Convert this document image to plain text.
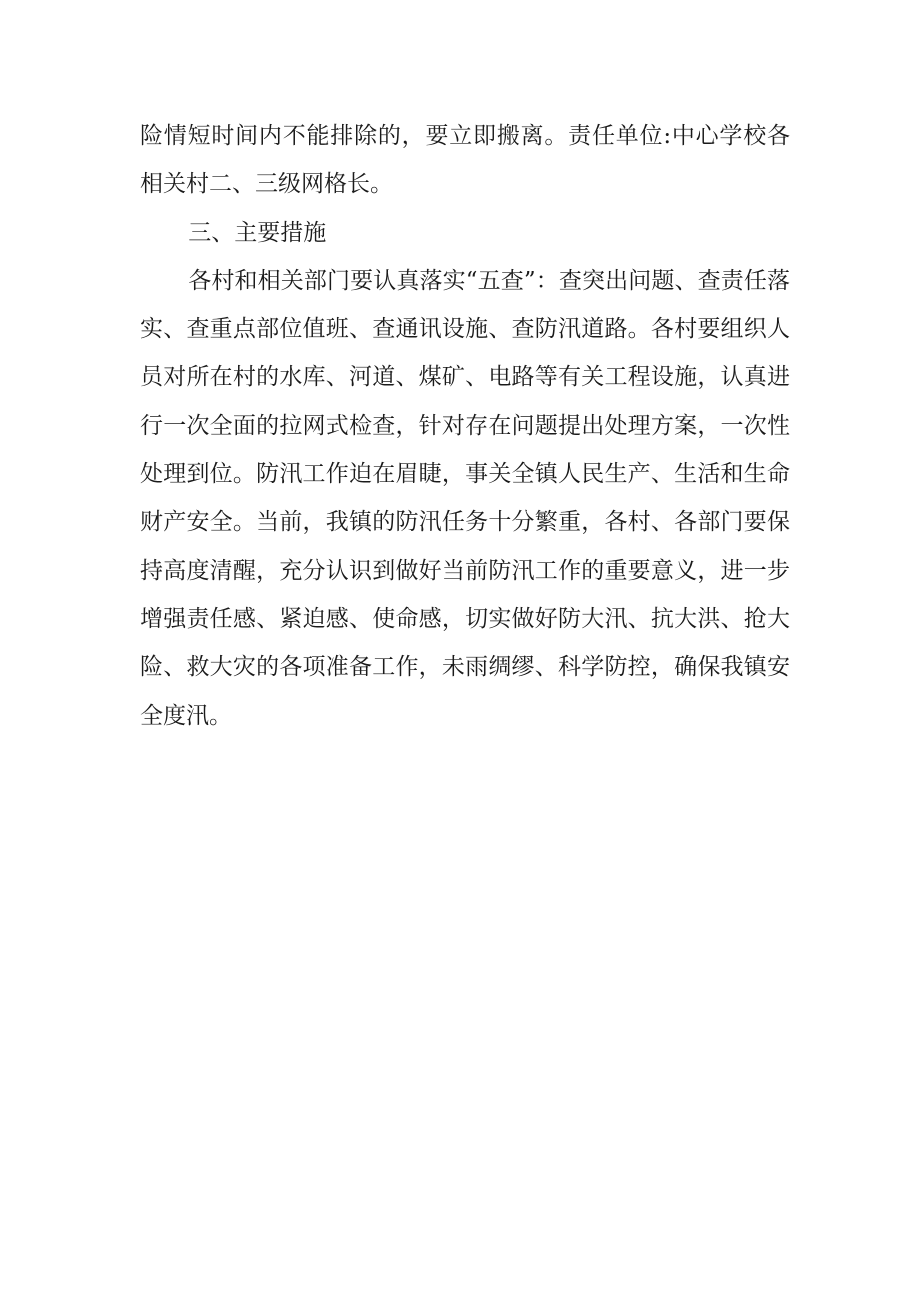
险情短时间内不能排除的，要立即搬离。责任单位:中心学校各相关村二、三级网格长。

三、主要措施

各村和相关部门要认真落实“五查”：查突出问题、查责任落实、查重点部位值班、查通讯设施、查防汛道路。各村要组织人员对所在村的水库、河道、煤矿、电路等有关工程设施，认真进行一次全面的拉网式检查，针对存在问题提出处理方案，一次性处理到位。防汛工作迫在眉睫，事关全镇人民生产、生活和生命财产安全。当前，我镇的防汛任务十分繁重，各村、各部门要保持高度清醒，充分认识到做好当前防汛工作的重要意义，进一步增强责任感、紧迫感、使命感，切实做好防大汛、抗大洪、抢大险、救大灾的各项准备工作，未雨绸缪、科学防控，确保我镇安全度汛。
